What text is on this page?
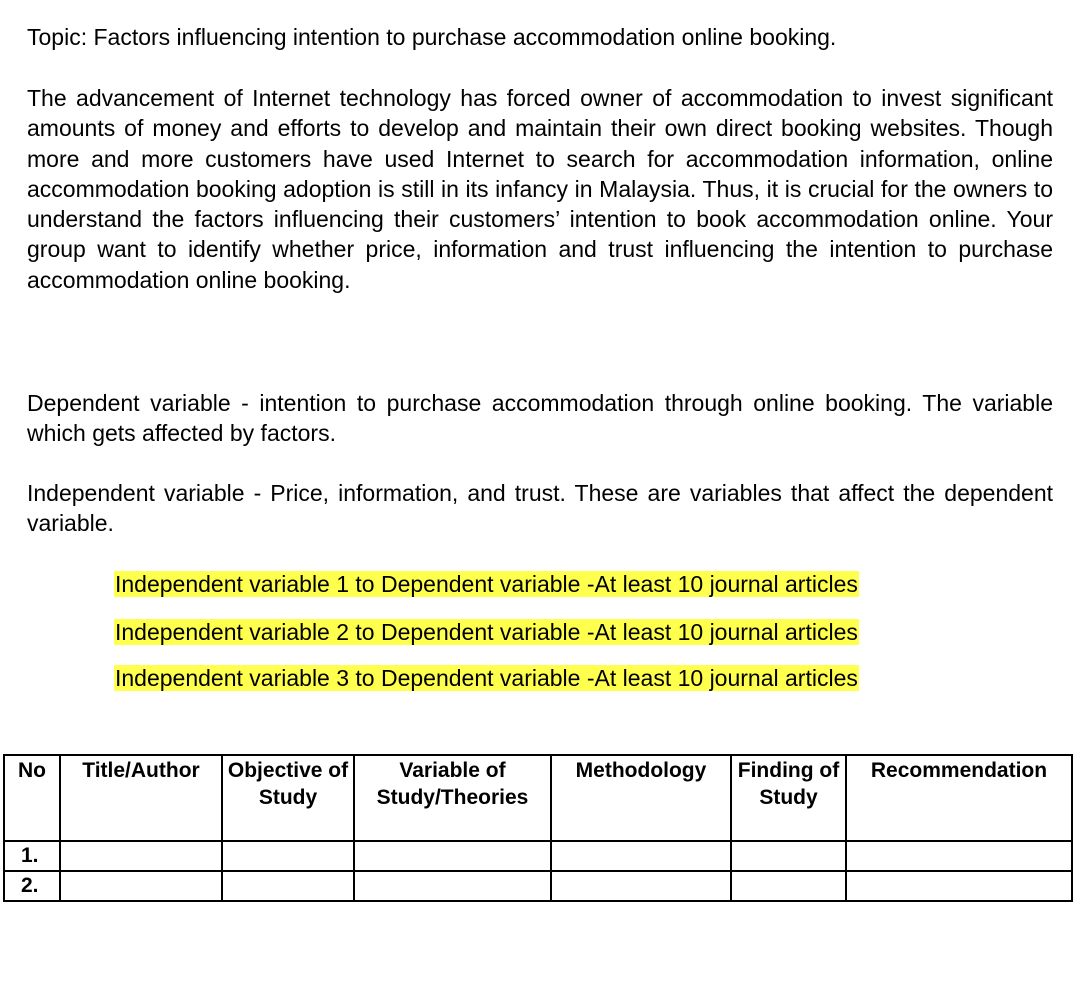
Topic: Factors influencing intention to purchase accommodation online booking.
The advancement of Internet technology has forced owner of accommodation to invest significant amounts of money and efforts to develop and maintain their own direct booking websites. Though more and more customers have used Internet to search for accommodation information, online accommodation booking adoption is still in its infancy in Malaysia. Thus, it is crucial for the owners to understand the factors influencing their customers’ intention to book accommodation online. Your group want to identify whether price, information and trust influencing the intention to purchase accommodation online booking.
Dependent variable - intention to purchase accommodation through online booking. The variable which gets affected by factors.
Independent variable - Price, information, and trust. These are variables that affect the dependent variable.
Independent variable 1 to Dependent variable -At least 10 journal articles
Independent variable 2 to Dependent variable -At least 10 journal articles
Independent variable 3 to Dependent variable -At least 10 journal articles
No	Title/Author	Objective of Study	Variable of Study/Theories	Methodology	Finding of Study	Recommendation
1.						
2.						
